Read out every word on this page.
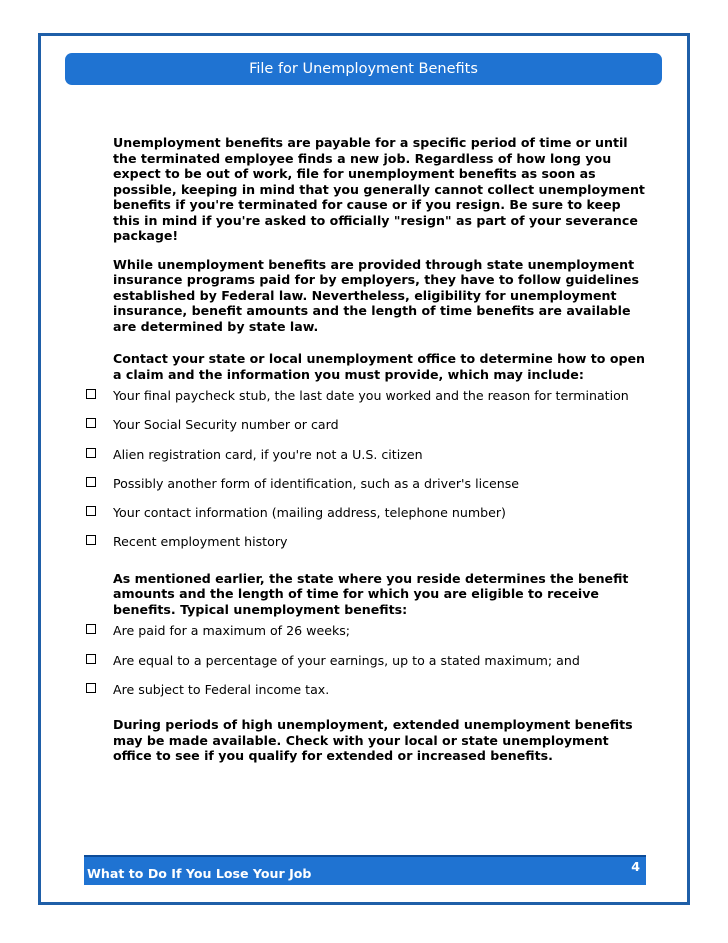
File for Unemployment Benefits

Unemployment benefits are payable for a specific period of time or until the terminated employee finds a new job. Regardless of how long you expect to be out of work, file for unemployment benefits as soon as possible, keeping in mind that you generally cannot collect unemployment benefits if you're terminated for cause or if you resign. Be sure to keep this in mind if you're asked to officially "resign" as part of your severance package!

While unemployment benefits are provided through state unemployment insurance programs paid for by employers, they have to follow guidelines established by Federal law. Nevertheless, eligibility for unemployment insurance, benefit amounts and the length of time benefits are available are determined by state law.

Contact your state or local unemployment office to determine how to open a claim and the information you must provide, which may include:

Your final paycheck stub, the last date you worked and the reason for termination
Your Social Security number or card
Alien registration card, if you're not a U.S. citizen
Possibly another form of identification, such as a driver's license
Your contact information (mailing address, telephone number)
Recent employment history

As mentioned earlier, the state where you reside determines the benefit amounts and the length of time for which you are eligible to receive benefits. Typical unemployment benefits:

Are paid for a maximum of 26 weeks;
Are equal to a percentage of your earnings, up to a stated maximum; and
Are subject to Federal income tax.

During periods of high unemployment, extended unemployment benefits may be made available. Check with your local or state unemployment office to see if you qualify for extended or increased benefits.

What to Do If You Lose Your Job	4
